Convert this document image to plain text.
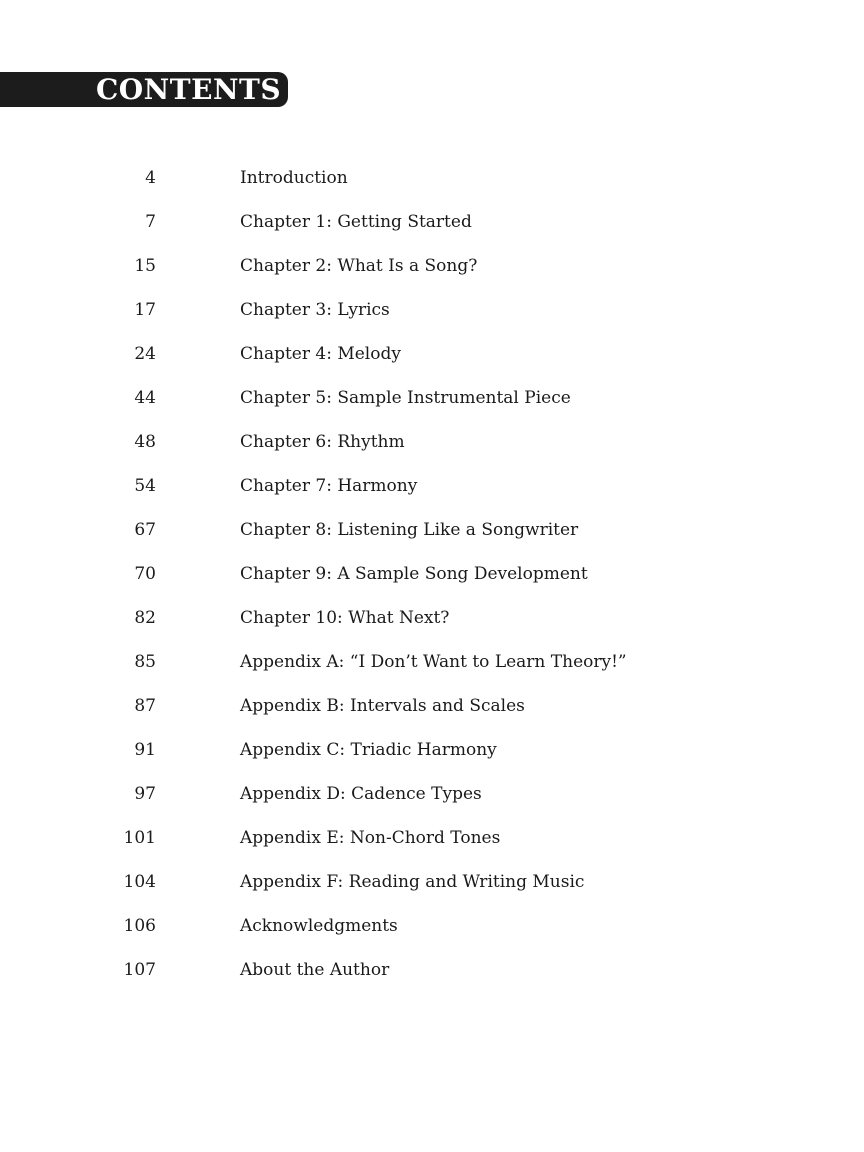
CONTENTS
4	Introduction
7	Chapter 1: Getting Started
15	Chapter 2: What Is a Song?
17	Chapter 3: Lyrics
24	Chapter 4: Melody
44	Chapter 5: Sample Instrumental Piece
48	Chapter 6: Rhythm
54	Chapter 7: Harmony
67	Chapter 8: Listening Like a Songwriter
70	Chapter 9: A Sample Song Development
82	Chapter 10: What Next?
85	Appendix A: “I Don’t Want to Learn Theory!”
87	Appendix B: Intervals and Scales
91	Appendix C: Triadic Harmony
97	Appendix D: Cadence Types
101	Appendix E: Non-Chord Tones
104	Appendix F: Reading and Writing Music
106	Acknowledgments
107	About the Author
